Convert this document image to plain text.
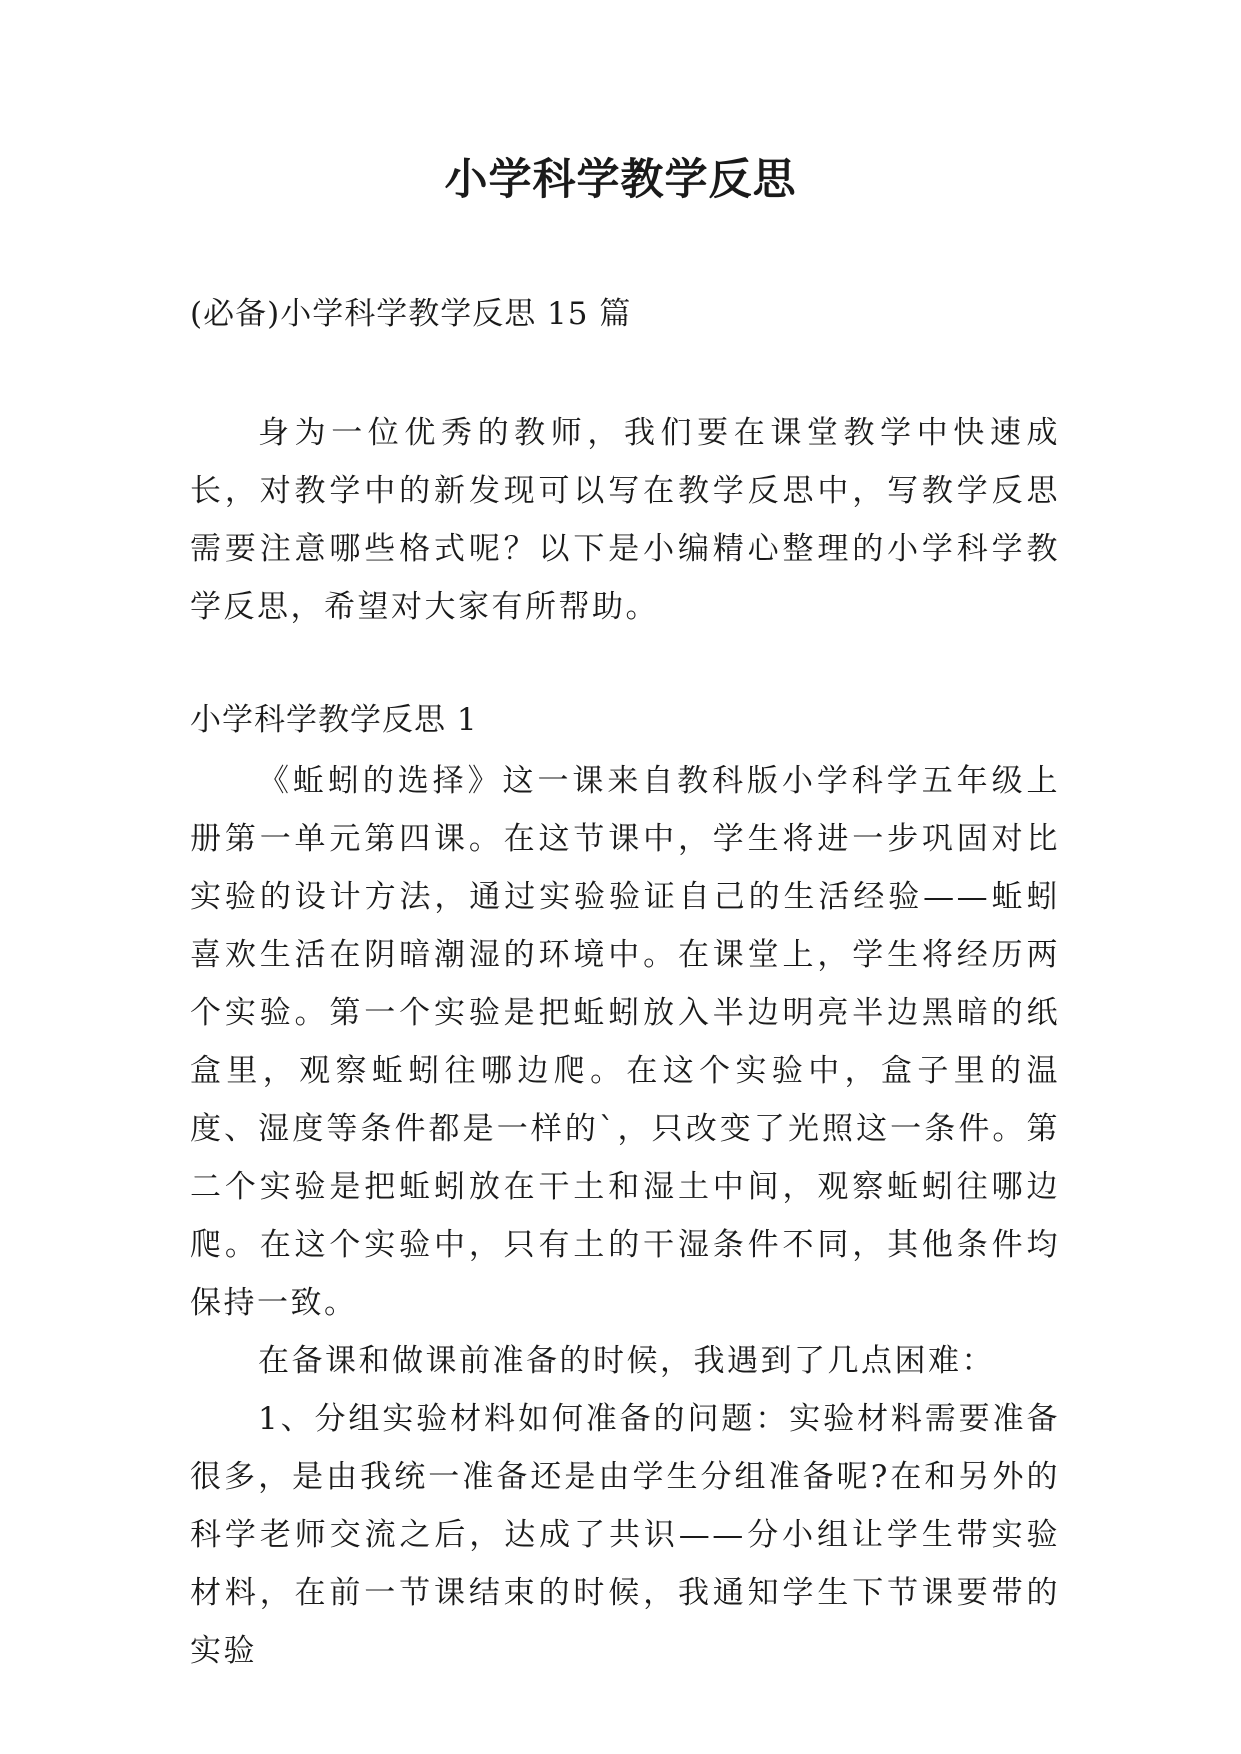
小学科学教学反思

(必备)小学科学教学反思 15 篇

身为一位优秀的教师，我们要在课堂教学中快速成长，对教学中的新发现可以写在教学反思中，写教学反思需要注意哪些格式呢？以下是小编精心整理的小学科学教学反思，希望对大家有所帮助。

小学科学教学反思 1

《蚯蚓的选择》这一课来自教科版小学科学五年级上册第一单元第四课。在这节课中，学生将进一步巩固对比实验的设计方法，通过实验验证自己的生活经验——蚯蚓喜欢生活在阴暗潮湿的环境中。在课堂上，学生将经历两个实验。第一个实验是把蚯蚓放入半边明亮半边黑暗的纸盒里，观察蚯蚓往哪边爬。在这个实验中，盒子里的温度、湿度等条件都是一样的`，只改变了光照这一条件。第二个实验是把蚯蚓放在干土和湿土中间，观察蚯蚓往哪边爬。在这个实验中，只有土的干湿条件不同，其他条件均保持一致。

在备课和做课前准备的时候，我遇到了几点困难：

1、分组实验材料如何准备的问题：实验材料需要准备很多，是由我统一准备还是由学生分组准备呢?在和另外的科学老师交流之后，达成了共识——分小组让学生带实验材料，在前一节课结束的时候，我通知学生下节课要带的实验
